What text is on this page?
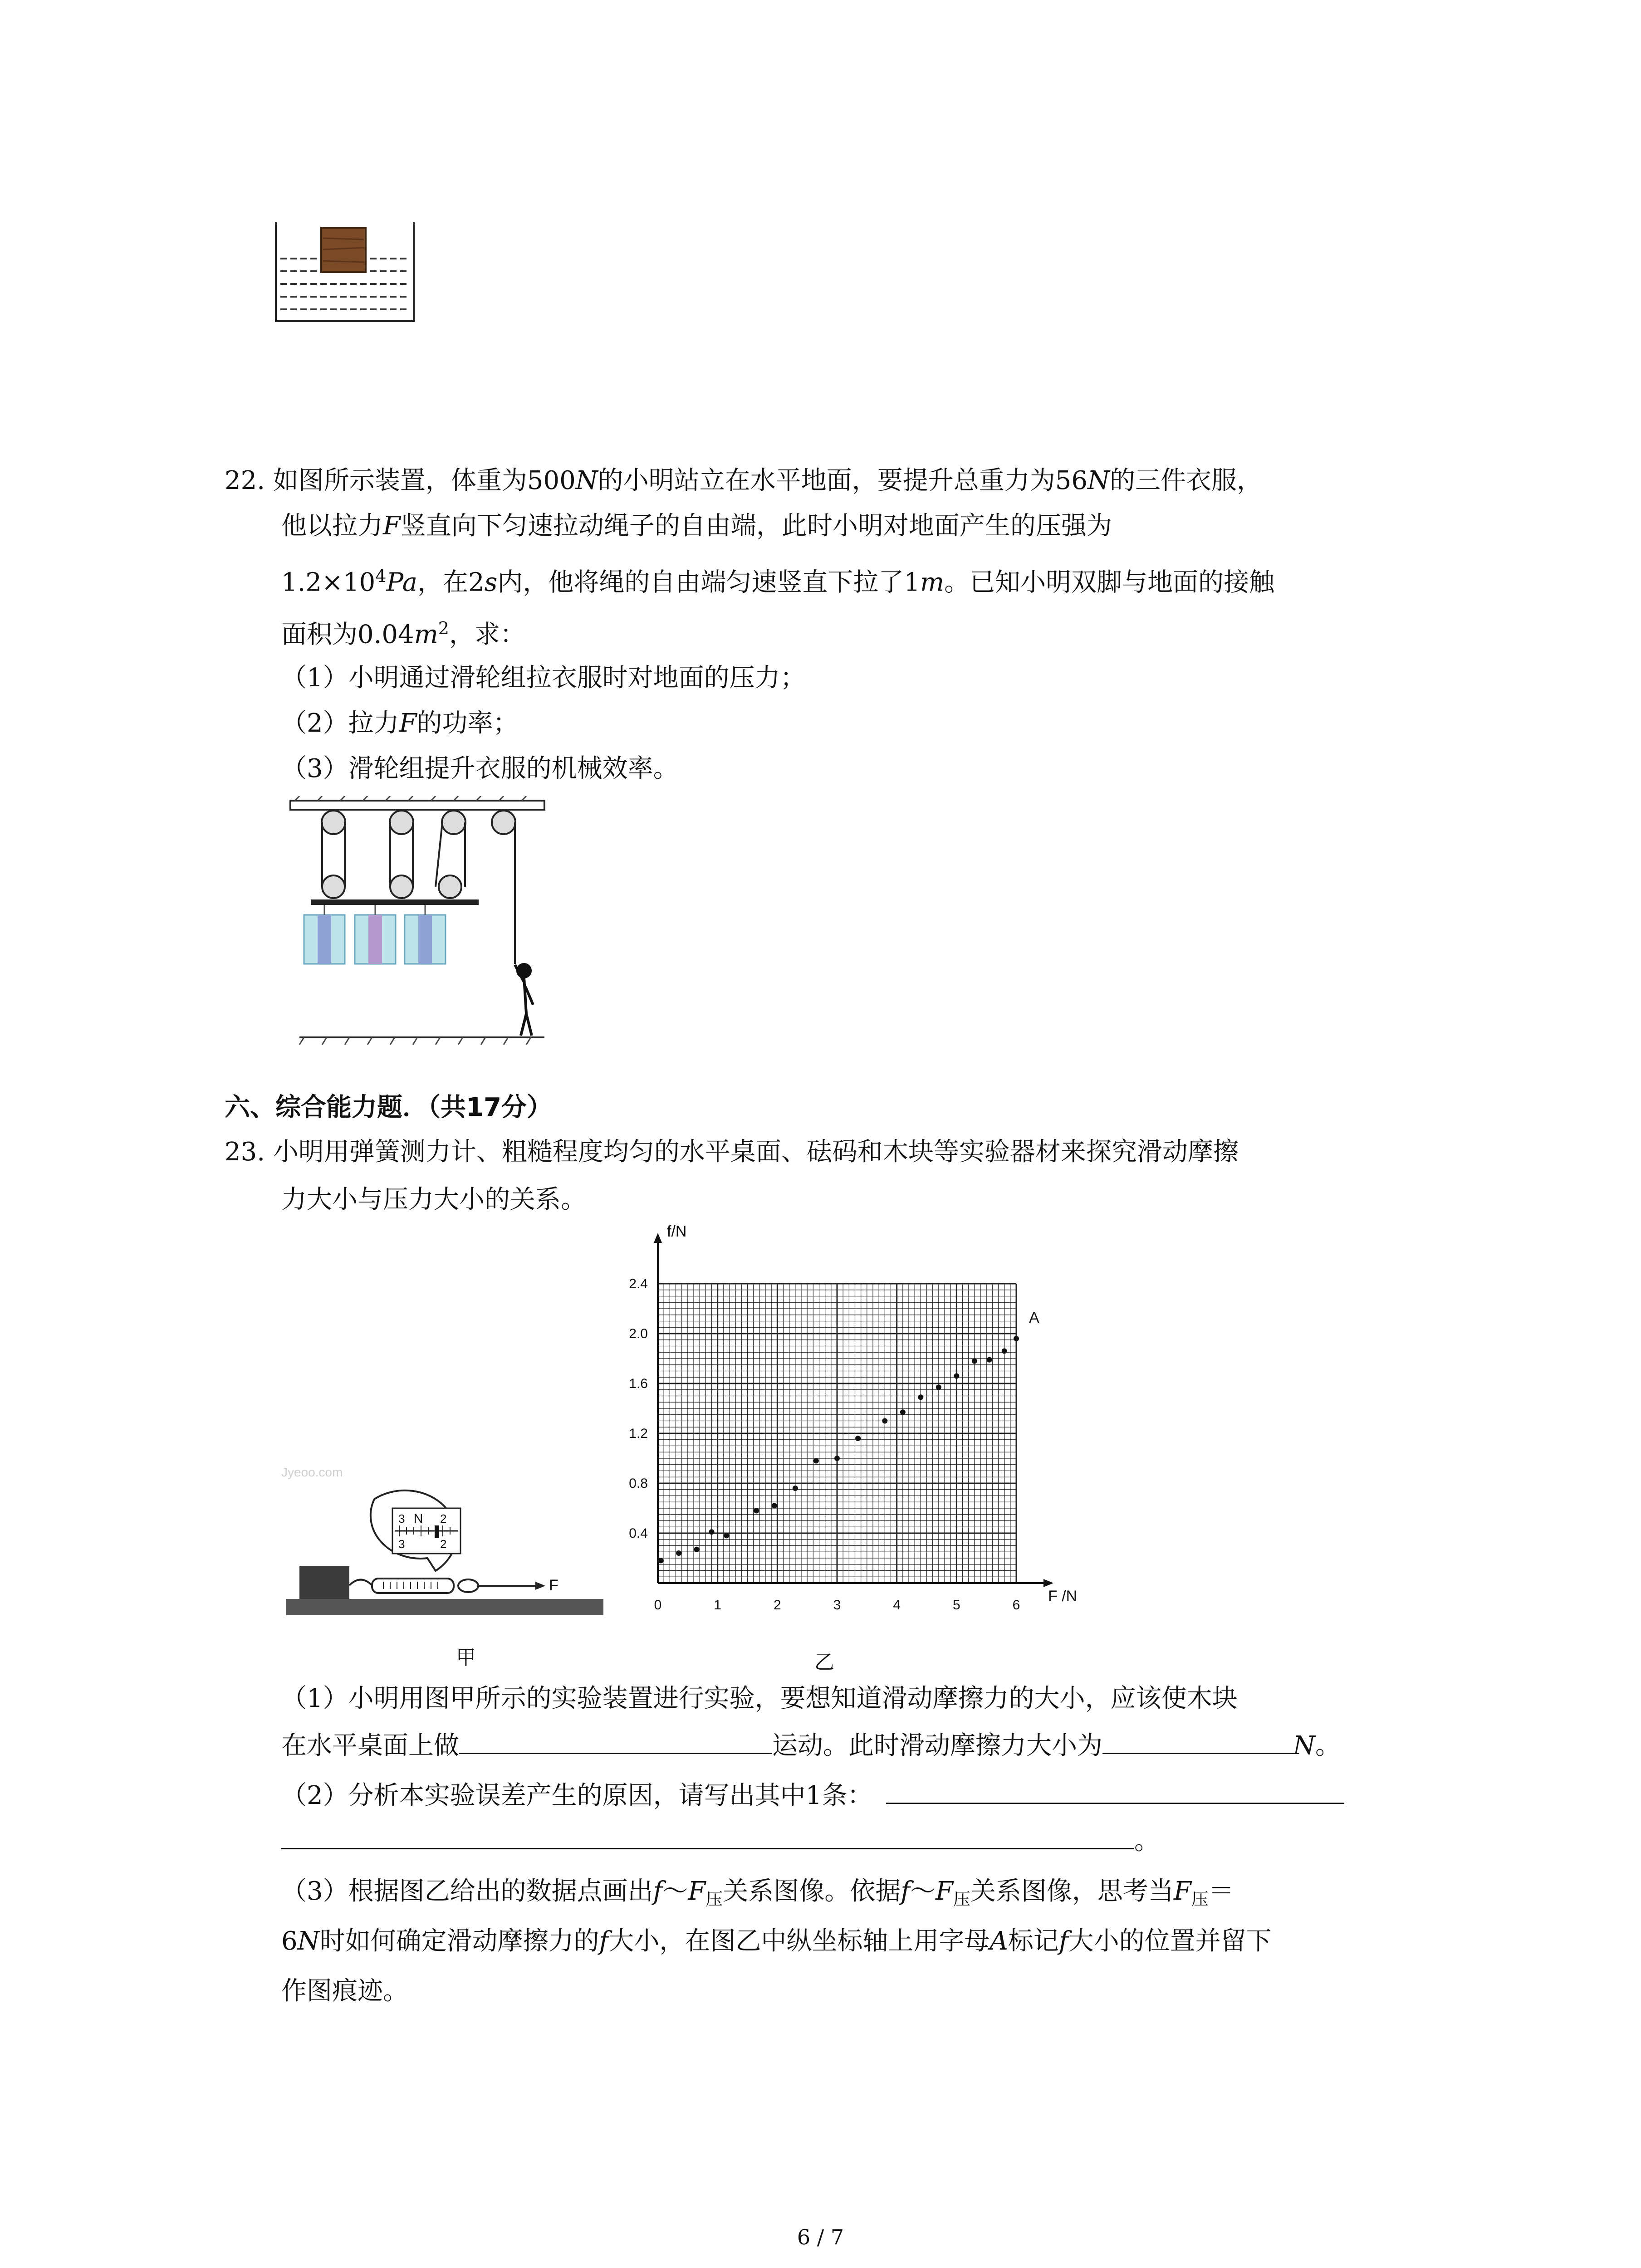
22. 如图所示装置，体重为500N的小明站立在水平地面，要提升总重力为56N的三件衣服，
他以拉力F竖直向下匀速拉动绳子的自由端，此时小明对地面产生的压强为
$1.2\times 10^4Pa$，在2s内，他将绳的自由端匀速竖直下拉了1m。已知小明双脚与地面的接触
面积为$0.04m^2$，求：
（1）小明通过滑轮组拉衣服时对地面的压力；
（2）拉力F的功率；
（3）滑轮组提升衣服的机械效率。
六、综合能力题．（共17分）
23. 小明用弹簧测力计、粗糙程度均匀的水平桌面、砝码和木块等实验器材来探究滑动摩擦
力大小与压力大小的关系。
Jyeoo.com
F
3 N 2
3	2
0	1	2	3	4	5	6
0.4
0.8
1.2
1.6
2.0
2.4
f/N
F /N
A
甲	乙
（1）小明用图甲所示的实验装置进行实验，要想知道滑动摩擦力的大小，应该使木块
在水平桌面上做	运动。此时滑动摩擦力大小为	N。
（2）分析本实验误差产生的原因，请写出其中1条：
。
（3）根据图乙给出的数据点画出$f\sim F_压$关系图像。依据$f\sim F_压$关系图像，思考当$F_压=$
6N时如何确定滑动摩擦力的f大小，在图乙中纵坐标轴上用字母A标记f大小的位置并留下
作图痕迹。
6 / 7
